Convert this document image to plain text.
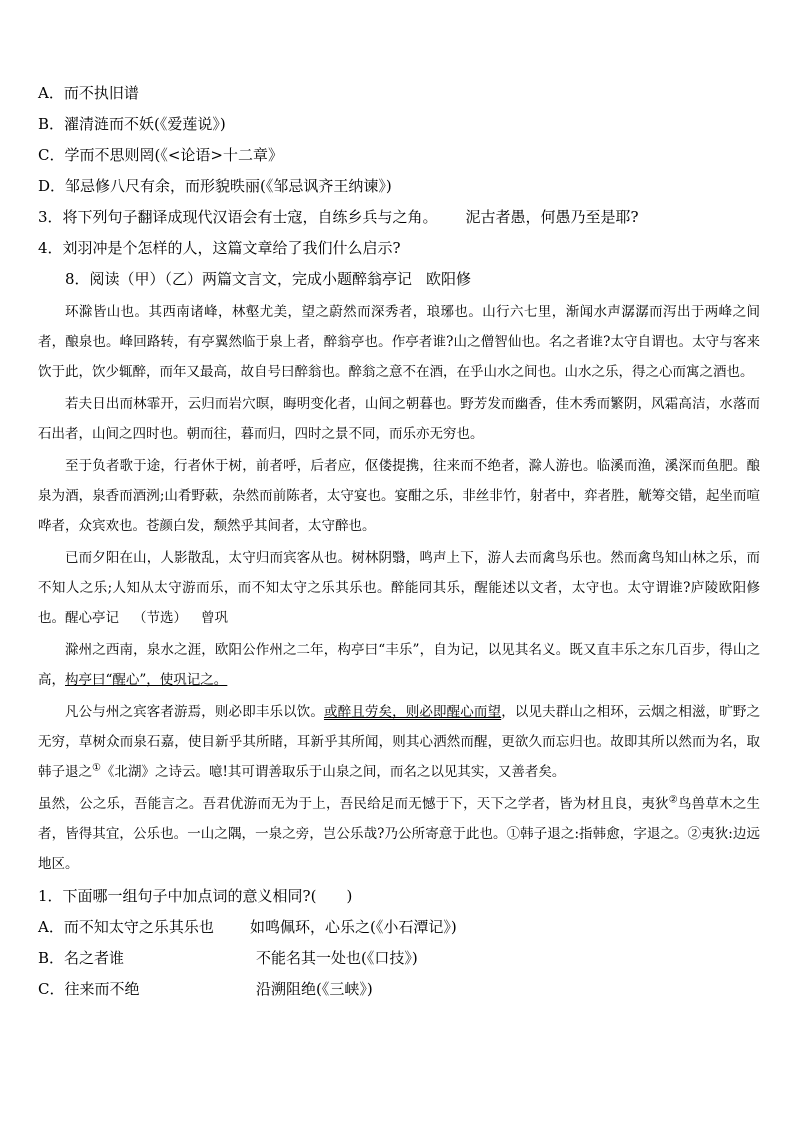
A．而不执旧谱
B．濯清涟而不妖(《爱莲说》)
C．学而不思则罔(《<论语>十二章》
D．邹忌修八尺有余，而形貌昳丽(《邹忌讽齐王纳谏》)
3．将下列句子翻译成现代汉语会有士寇，自练乡兵与之角。 泥古者愚，何愚乃至是耶?
4．刘羽冲是个怎样的人，这篇文章给了我们什么启示?
8．阅读（甲）（乙）两篇文言文，完成小题醉翁亭记 欧阳修
环滁皆山也。其西南诸峰，林壑尤美，望之蔚然而深秀者，琅琊也。山行六七里，渐闻水声潺潺而泻出于两峰之间者，酿泉也。峰回路转，有亭翼然临于泉上者，醉翁亭也。作亭者谁?山之僧智仙也。名之者谁?太守自谓也。太守与客来饮于此，饮少辄醉，而年又最高，故自号曰醉翁也。醉翁之意不在酒，在乎山水之间也。山水之乐，得之心而寓之酒也。
若夫日出而林霏开，云归而岩穴暝，晦明变化者，山间之朝暮也。野芳发而幽香，佳木秀而繁阴，风霜高洁，水落而石出者，山间之四时也。朝而往，暮而归，四时之景不同，而乐亦无穷也。
至于负者歌于途，行者休于树，前者呼，后者应，伛偻提携，往来而不绝者，滁人游也。临溪而渔，溪深而鱼肥。酿泉为酒，泉香而酒洌;山肴野蔌，杂然而前陈者，太守宴也。宴酣之乐，非丝非竹，射者中，弈者胜，觥筹交错，起坐而喧哗者，众宾欢也。苍颜白发，颓然乎其间者，太守醉也。
已而夕阳在山，人影散乱，太守归而宾客从也。树林阴翳，鸣声上下，游人去而禽鸟乐也。然而禽鸟知山林之乐，而不知人之乐;人知从太守游而乐，而不知太守之乐其乐也。醉能同其乐，醒能述以文者，太守也。太守谓谁?庐陵欧阳修也。醒心亭记 （节选） 曾巩
滁州之西南，泉水之涯，欧阳公作州之二年，构亭曰“丰乐”，自为记，以见其名义。既又直丰乐之东几百步，得山之高，构亭曰“醒心”，使巩记之。
凡公与州之宾客者游焉，则必即丰乐以饮。或醉且劳矣，则必即醒心而望，以见夫群山之相环，云烟之相滋，旷野之无穷，草树众而泉石嘉，使目新乎其所睹，耳新乎其所闻，则其心洒然而醒，更欲久而忘归也。故即其所以然而为名，取韩子退之①《北湖》之诗云。噫!其可谓善取乐于山泉之间，而名之以见其实，又善者矣。
虽然，公之乐，吾能言之。吾君优游而无为于上，吾民给足而无憾于下，天下之学者，皆为材且良，夷狄②鸟兽草木之生者，皆得其宜，公乐也。一山之隅，一泉之旁，岂公乐哉?乃公所寄意于此也。①韩子退之:指韩愈，字退之。②夷狄:边远地区。
1．下面哪一组句子中加点词的意义相同?(　　)
A．而不知太守之乐其乐也 如鸣佩环，心乐之(《小石潭记》)
B．名之者谁	不能名其一处也(《口技》)
C．往来而不绝	沿溯阻绝(《三峡》)
